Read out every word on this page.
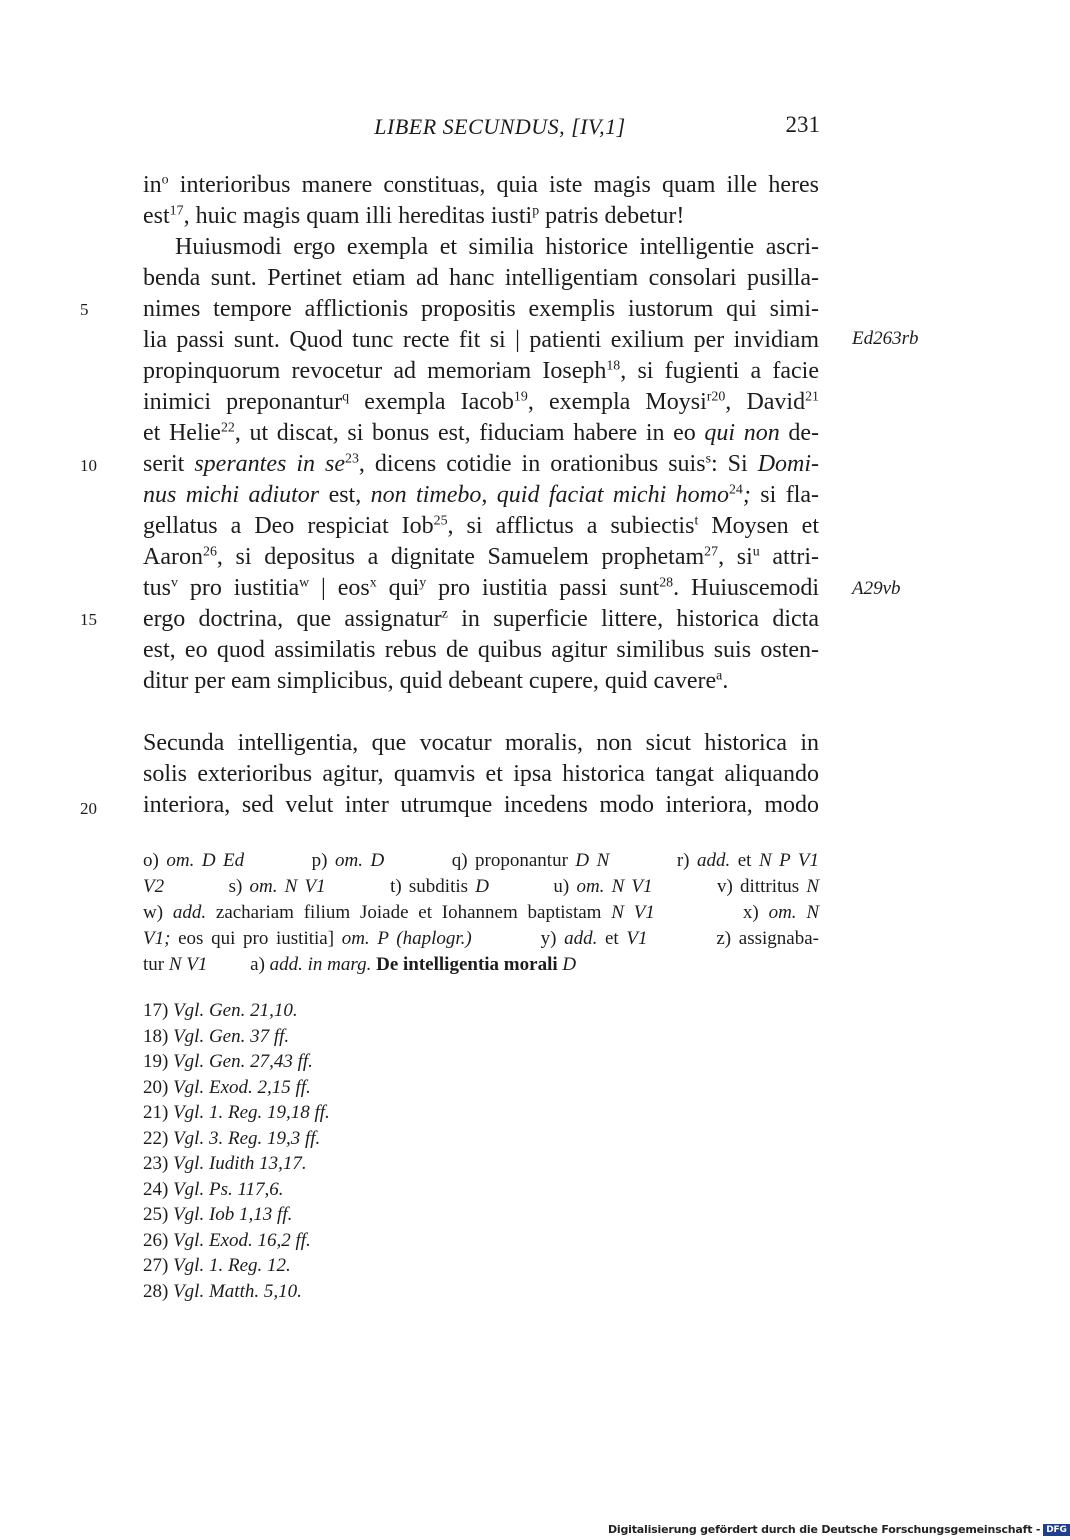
LIBER SECUNDUS, [IV,1]	231
5
10
15
20
Ed263rb
A29vb
$in^o$ interioribus manere constituas, quia iste magis quam ille heres
est$^{17}$, huic magis quam illi hereditas iusti$^p$ patris debetur!
Huiusmodi ergo exempla et similia historice intelligentie ascri-
benda sunt. Pertinet etiam ad hanc intelligentiam consolari pusilla-
nimes tempore afflictionis propositis exemplis iustorum qui simi-
lia passi sunt. Quod tunc recte fit si | patienti exilium per invidiam
propinquorum revocetur ad memoriam Ioseph$^{18}$, si fugienti a facie
inimici preponantur$^q$ exempla Iacob$^{19}$, exempla Moysi$^{r20}$, David$^{21}$
et Helie$^{22}$, ut discat, si bonus est, fiduciam habere in eo qui non de-
serit sperantes in $se^{23}$, dicens cotidie in orationibus suis$^s$: Si Domi-
nus michi adiutor est, non timebo, quid faciat michi homo$^{24}$; si fla-
gellatus a Deo respiciat Iob$^{25}$, si afflictus a subiectis$^t$ Moysen et
Aaron$^{26}$, si depositus a dignitate Samuelem prophetam$^{27}$, $si^u$ attri-
tus$^v$ pro iustitia$^w$ | eos$^x$ qui$^y$ pro iustitia passi sunt$^{28}$. Huiuscemodi
ergo doctrina, que assignatur$^z$ in superficie littere, historica dicta
est, eo quod assimilatis rebus de quibus agitur similibus suis osten-
ditur per eam simplicibus, quid debeant cupere, quid cavere$^a$.
Secunda intelligentia, que vocatur moralis, non sicut historica in
solis exterioribus agitur, quamvis et ipsa historica tangat aliquando
interiora, sed velut inter utrumque incedens modo interiora, modo
o) om. D Ed         p) om. D         q) proponantur D N         r) add. et N P V1
V2         s) om. N V1         t) subditis D         u) om. N V1         v) dittritus N
w) add. zachariam filium Joiade et Iohannem baptistam N V1         x) om. N
V1; eos qui pro iustitia] om. P (haplogr.)         y) add. et V1         z) assignaba-
tur N V1         a) add. in marg. De intelligentia morali D
17) Vgl. Gen. 21,10.
18) Vgl. Gen. 37 ff.
19) Vgl. Gen. 27,43 ff.
20) Vgl. Exod. 2,15 ff.
21) Vgl. 1. Reg. 19,18 ff.
22) Vgl. 3. Reg. 19,3 ff.
23) Vgl. Iudith 13,17.
24) Vgl. Ps. 117,6.
25) Vgl. Iob 1,13 ff.
26) Vgl. Exod. 16,2 ff.
27) Vgl. 1. Reg. 12.
28) Vgl. Matth. 5,10.
Digitalisierung gefördert durch die Deutsche Forschungsgemeinschaft - DFG
